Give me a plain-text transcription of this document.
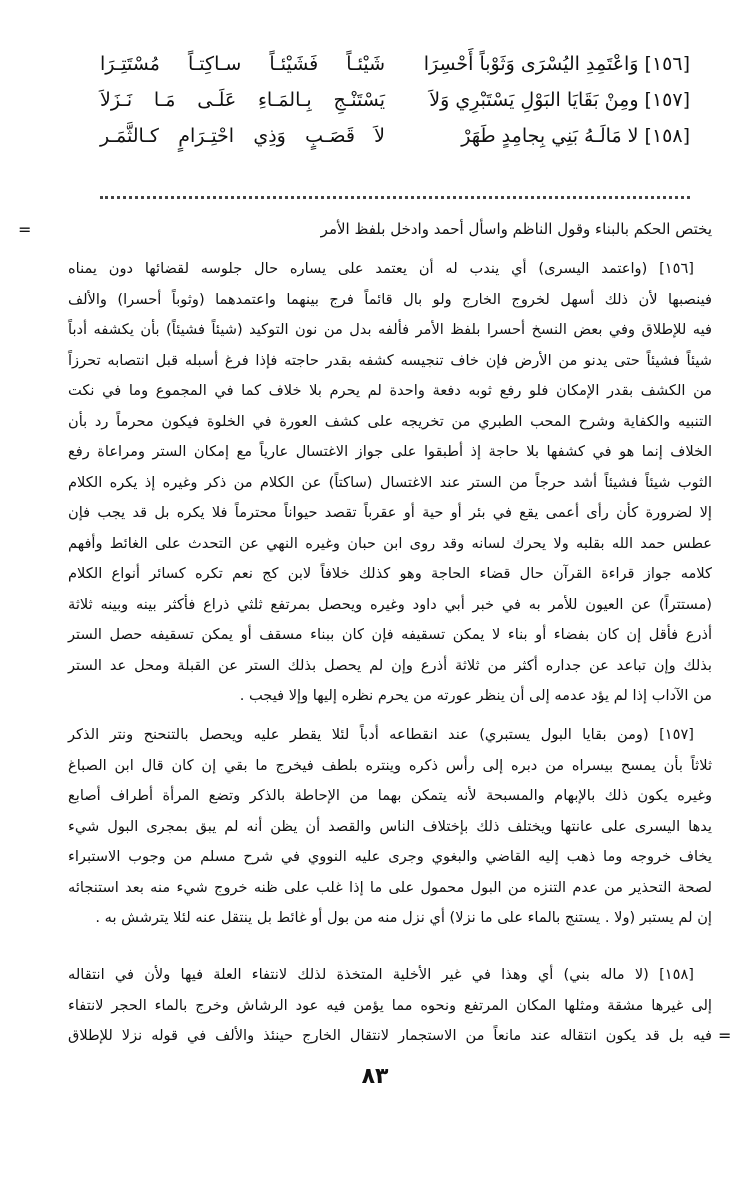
[١٥٦] وَاعْتَمِدِ اليُسْرَى وَثَوْباً أَحْسِرَا
شَيْئـاً فَشَيْئـاً سـاكِتـاً مُسْتَتِـرَا
[١٥٧] ومِنْ بَقَايَا البَوْلِ يَسْتَبْرِي وَلاَ
يَسْتَنْـجِ بِـالمَـاءِ عَلَـى مَـا نَـزَلاَ
[١٥٨] لا مَالَـهُ بَنِي بِجامِدٍ طَهَرْ
لاَ قَصَـبٍ وَذِي احْتِـرَامٍ كـالثَّمَـر
=	يختص الحكم بالبناء وقول الناظم واسأل أحمد وادخل بلفظ الأمر
[١٥٦] (واعتمد اليسرى) أي يندب له أن يعتمد على يساره حال جلوسه لقضائها دون يمناه
فينصبها لأن ذلك أسهل لخروج الخارج ولو بال قائماً فرج بينهما واعتمدهما (وثوباً أحسرا) والألف
فيه للإطلاق وفي بعض النسخ أحسرا بلفظ الأمر فألفه بدل من نون التوكيد (شيئاً فشيئاً) بأن يكشفه أدباً
شيئاً فشيئاً حتى يدنو من الأرض فإن خاف تنجيسه كشفه بقدر حاجته فإذا فرغ أسبله قبل انتصابه تحرزاً
من الكشف بقدر الإمكان فلو رفع ثوبه دفعة واحدة لم يحرم بلا خلاف كما في المجموع وما في نكت
التنبيه والكفاية وشرح المحب الطبري من تخريجه على كشف العورة في الخلوة فيكون محرماً رد بأن
الخلاف إنما هو في كشفها بلا حاجة إذ أطبقوا على جواز الاغتسال عارياً مع إمكان الستر ومراعاة رفع
الثوب شيئاً فشيئاً أشد حرجاً من الستر عند الاغتسال (ساكتاً) عن الكلام من ذكر وغيره إذ يكره الكلام
إلا لضرورة كأن رأى أعمى يقع في بئر أو حية أو عقرباً تقصد حيواناً محترماً فلا يكره بل قد يجب فإن
عطس حمد الله بقلبه ولا يحرك لسانه وقد روى ابن حبان وغيره النهي عن التحدث على الغائط وأفهم
كلامه جواز قراءة القرآن حال قضاء الحاجة وهو كذلك خلافاً لابن كج نعم تكره كسائر أنواع الكلام
(مستتراً) عن العيون للأمر به في خبر أبي داود وغيره ويحصل بمرتفع ثلثي ذراع فأكثر بينه وبينه ثلاثة
أذرع فأقل إن كان بفضاء أو بناء لا يمكن تسقيفه فإن كان ببناء مسقف أو يمكن تسقيفه حصل الستر
بذلك وإن تباعد عن جداره أكثر من ثلاثة أذرع وإن لم يحصل بذلك الستر عن القبلة ومحل عد الستر
من الآداب إذا لم يؤد عدمه إلى أن ينظر عورته من يحرم نظره إليها وإلا فيجب .
[١٥٧] (ومن بقايا البول يستبري) عند انقطاعه أدباً لئلا يقطر عليه ويحصل بالتنحنح ونتر الذكر
ثلاثاً بأن يمسح بيسراه من دبره إلى رأس ذكره وينتره بلطف فيخرج ما بقي إن كان قال ابن الصباغ
وغيره يكون ذلك بالإبهام والمسبحة لأنه يتمكن بهما من الإحاطة بالذكر وتضع المرأة أطراف أصابع
يدها اليسرى على عانتها ويختلف ذلك بإختلاف الناس والقصد أن يظن أنه لم يبق بمجرى البول شيء
يخاف خروجه وما ذهب إليه القاضي والبغوي وجرى عليه النووي في شرح مسلم من وجوب الاستبراء
لصحة التحذير من عدم التنزه من البول محمول على ما إذا غلب على ظنه خروج شيء منه بعد استنجائه
إن لم يستبر (ولا . يستنج بالماء على ما نزلا) أي نزل منه من بول أو غائط بل ينتقل عنه لئلا يترشش به .
[١٥٨] (لا ماله بني) أي وهذا في غير الأخلية المتخذة لذلك لانتفاء العلة فيها ولأن في انتقاله
إلى غيرها مشقة ومثلها المكان المرتفع ونحوه مما يؤمن فيه عود الرشاش وخرج بالماء الحجر لانتفاء
فيه بل قد يكون انتقاله عند مانعاً من الاستجمار لانتقال الخارج حينئذ والألف في قوله نزلا للإطلاق =
٨٣
